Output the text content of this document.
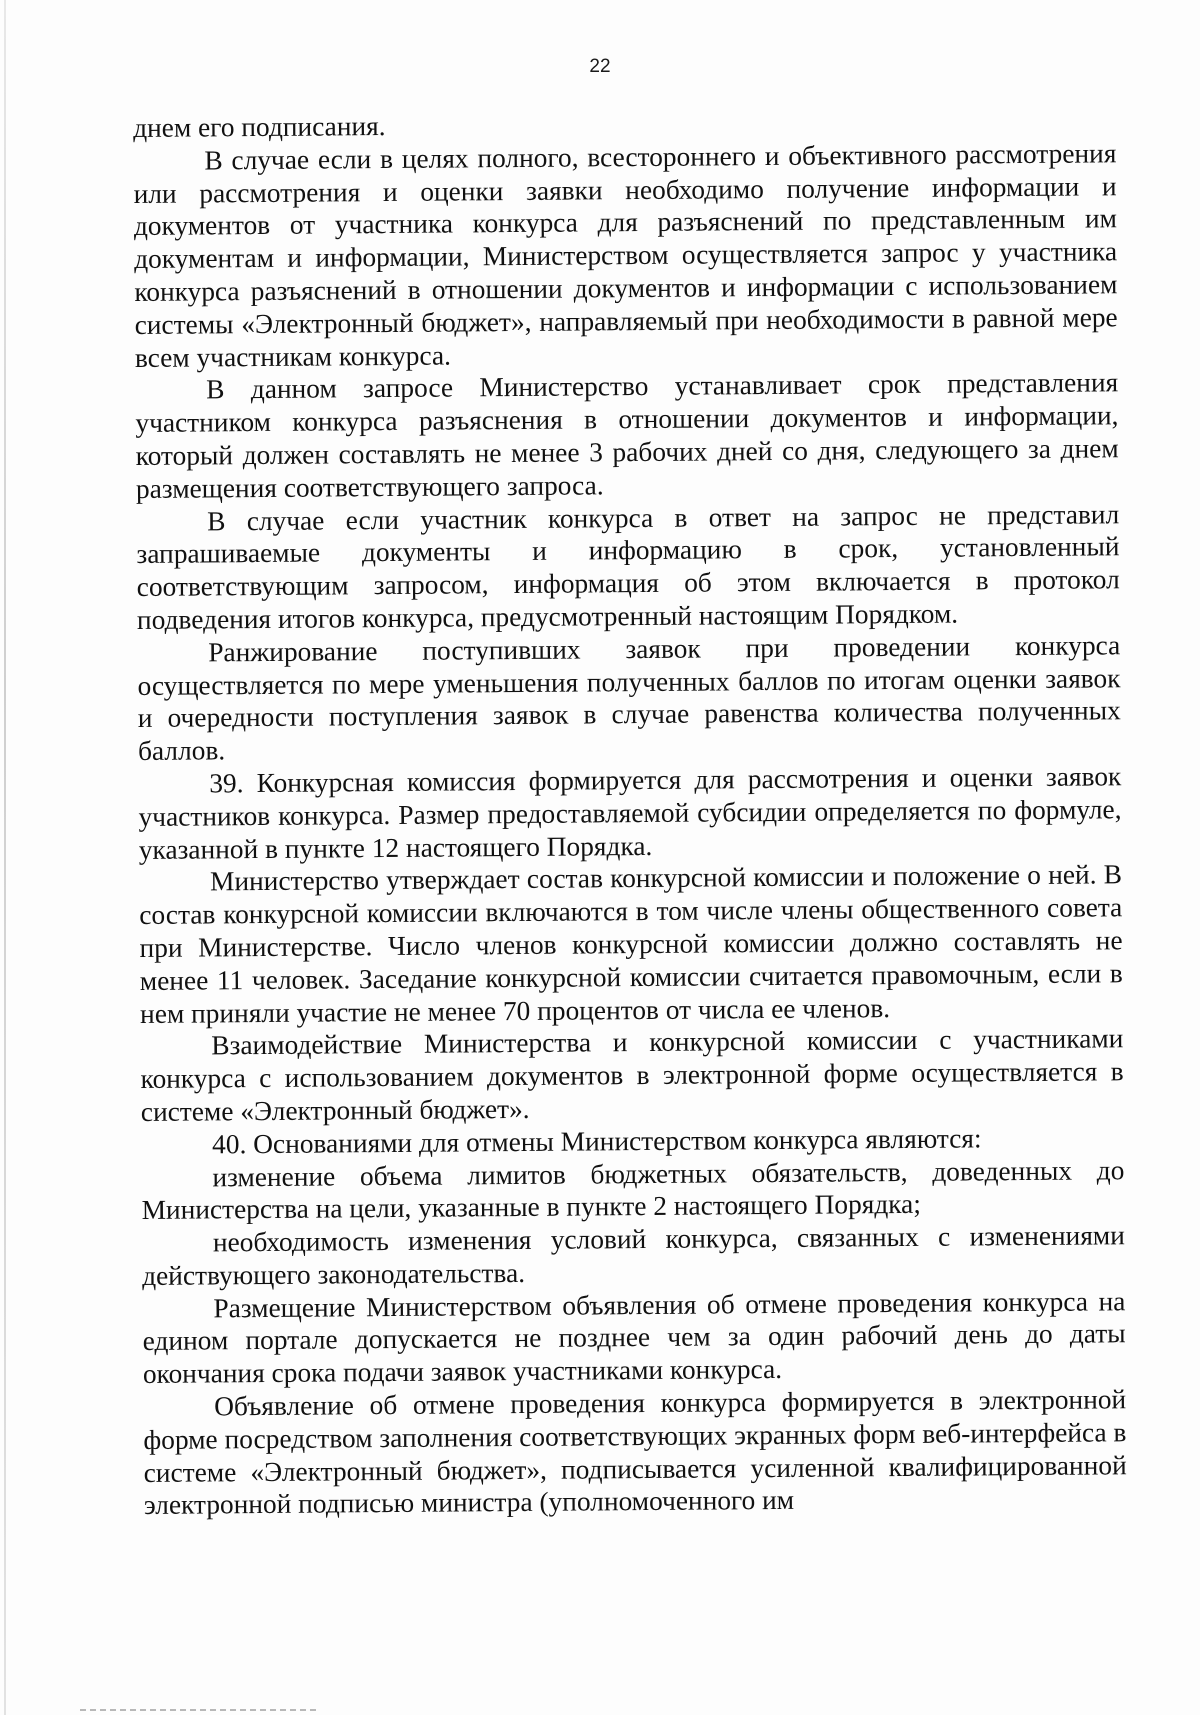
22

днем его подписания.

В случае если в целях полного, всестороннего и объективного рассмотрения или рассмотрения и оценки заявки необходимо получение информации и документов от участника конкурса для разъяснений по представленным им документам и информации, Министерством осуществляется запрос у участника конкурса разъяснений в отношении документов и информации с использованием системы «Электронный бюджет», направляемый при необходимости в равной мере всем участникам конкурса.

В данном запросе Министерство устанавливает срок представления участником конкурса разъяснения в отношении документов и информации, который должен составлять не менее 3 рабочих дней со дня, следующего за днем размещения соответствующего запроса.

В случае если участник конкурса в ответ на запрос не представил запрашиваемые документы и информацию в срок, установленный соответствующим запросом, информация об этом включается в протокол подведения итогов конкурса, предусмотренный настоящим Порядком.

Ранжирование поступивших заявок при проведении конкурса осуществляется по мере уменьшения полученных баллов по итогам оценки заявок и очередности поступления заявок в случае равенства количества полученных баллов.

39. Конкурсная комиссия формируется для рассмотрения и оценки заявок участников конкурса. Размер предоставляемой субсидии определяется по формуле, указанной в пункте 12 настоящего Порядка.

Министерство утверждает состав конкурсной комиссии и положение о ней. В состав конкурсной комиссии включаются в том числе члены общественного совета при Министерстве. Число членов конкурсной комиссии должно составлять не менее 11 человек. Заседание конкурсной комиссии считается правомочным, если в нем приняли участие не менее 70 процентов от числа ее членов.

Взаимодействие Министерства и конкурсной комиссии с участниками конкурса с использованием документов в электронной форме осуществляется в системе «Электронный бюджет».

40. Основаниями для отмены Министерством конкурса являются:

изменение объема лимитов бюджетных обязательств, доведенных до Министерства на цели, указанные в пункте 2 настоящего Порядка;

необходимость изменения условий конкурса, связанных с изменениями действующего законодательства.

Размещение Министерством объявления об отмене проведения конкурса на едином портале допускается не позднее чем за один рабочий день до даты окончания срока подачи заявок участниками конкурса.

Объявление об отмене проведения конкурса формируется в электронной форме посредством заполнения соответствующих экранных форм веб-интерфейса в системе «Электронный бюджет», подписывается усиленной квалифицированной электронной подписью министра (уполномоченного им
